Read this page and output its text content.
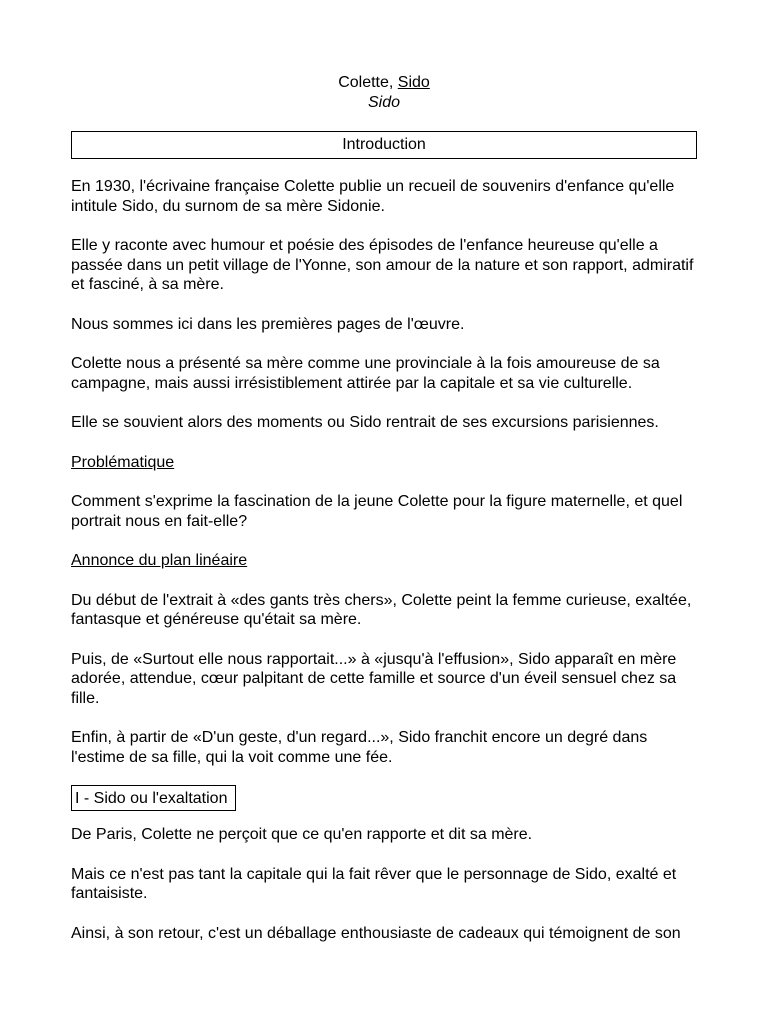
Colette, Sido
Sido
Introduction

En 1930, l'écrivaine française Colette publie un recueil de souvenirs d'enfance qu'elle intitule Sido, du surnom de sa mère Sidonie.

Elle y raconte avec humour et poésie des épisodes de l'enfance heureuse qu'elle a passée dans un petit village de l'Yonne, son amour de la nature et son rapport, admiratif et fasciné, à sa mère.

Nous sommes ici dans les premières pages de l'œuvre.

Colette nous a présenté sa mère comme une provinciale à la fois amoureuse de sa campagne, mais aussi irrésistiblement attirée par la capitale et sa vie culturelle.

Elle se souvient alors des moments ou Sido rentrait de ses excursions parisiennes.

Problématique

Comment s'exprime la fascination de la jeune Colette pour la figure maternelle, et quel portrait nous en fait-elle?

Annonce du plan linéaire

Du début de l'extrait à «des gants très chers», Colette peint la femme curieuse, exaltée, fantasque et généreuse qu'était sa mère.

Puis, de «Surtout elle nous rapportait...» à «jusqu'à l'effusion», Sido apparaît en mère adorée, attendue, cœur palpitant de cette famille et source d'un éveil sensuel chez sa fille.

Enfin, à partir de «D'un geste, d'un regard...», Sido franchit encore un degré dans l'estime de sa fille, qui la voit comme une fée.

I - Sido ou l'exaltation

De Paris, Colette ne perçoit que ce qu'en rapporte et dit sa mère.

Mais ce n'est pas tant la capitale qui la fait rêver que le personnage de Sido, exalté et fantaisiste.

Ainsi, à son retour, c'est un déballage enthousiaste de cadeaux qui témoignent de son
